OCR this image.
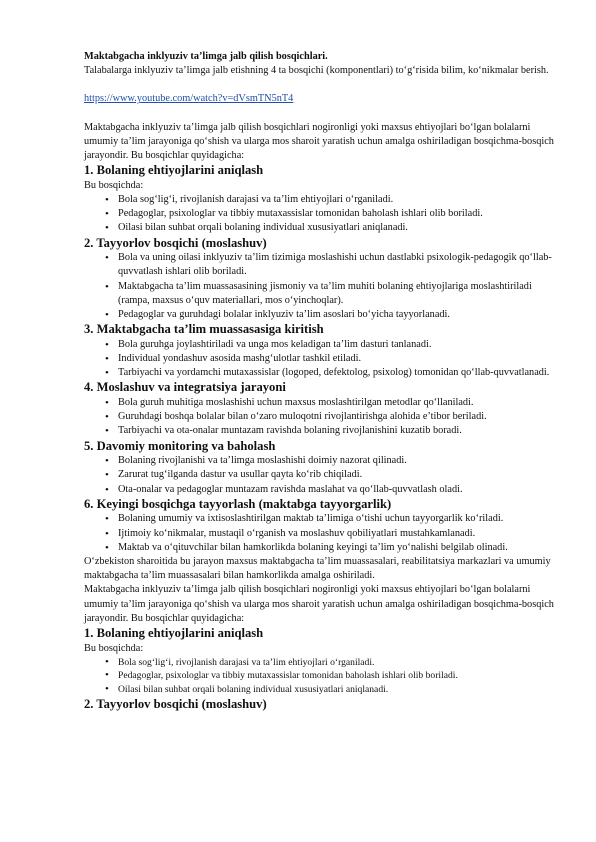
Maktabgacha inklyuziv ta’limga jalb qilish bosqichlari.

Talabalarga inklyuziv ta’limga jalb etishning 4 ta bosqichi (komponentlari) to‘g‘risida bilim, ko‘nikmalar berish.

https://www.youtube.com/watch?v=dVsmTN5nT4

Maktabgacha inklyuziv ta’limga jalb qilish bosqichlari nogironligi yoki maxsus ehtiyojlari bo‘lgan bolalarni umumiy ta’lim jarayoniga qo‘shish va ularga mos sharoit yaratish uchun amalga oshiriladigan bosqichma-bosqich jarayondir. Bu bosqichlar quyidagicha:

1. Bolaning ehtiyojlarini aniqlash

Bu bosqichda:

• Bola sog‘lig‘i, rivojlanish darajasi va ta’lim ehtiyojlari o‘rganiladi.
• Pedagoglar, psixologlar va tibbiy mutaxassislar tomonidan baholash ishlari olib boriladi.
• Oilasi bilan suhbat orqali bolaning individual xususiyatlari aniqlanadi.
2. Tayyorlov bosqichi (moslashuv)
• Bola va uning oilasi inklyuziv ta’lim tizimiga moslashishi uchun dastlabki psixologik-pedagogik qo‘llab-quvvatlash ishlari olib boriladi.
• Maktabgacha ta’lim muassasasining jismoniy va ta’lim muhiti bolaning ehtiyojlariga moslashtiriladi (rampa, maxsus o‘quv materiallari, mos o‘yinchoqlar).
• Pedagoglar va guruhdagi bolalar inklyuziv ta’lim asoslari bo‘yicha tayyorlanadi.
3. Maktabgacha ta’lim muassasasiga kiritish
• Bola guruhga joylashtiriladi va unga mos keladigan ta’lim dasturi tanlanadi.
• Individual yondashuv asosida mashg‘ulotlar tashkil etiladi.
• Tarbiyachi va yordamchi mutaxassislar (logoped, defektolog, psixolog) tomonidan qo‘llab-quvvatlanadi.
4. Moslashuv va integratsiya jarayoni
• Bola guruh muhitiga moslashishi uchun maxsus moslashtirilgan metodlar qo‘llaniladi.
• Guruhdagi boshqa bolalar bilan o‘zaro muloqotni rivojlantirishga alohida e’tibor beriladi.
• Tarbiyachi va ota-onalar muntazam ravishda bolaning rivojlanishini kuzatib boradi.
5. Davomiy monitoring va baholash
• Bolaning rivojlanishi va ta’limga moslashishi doimiy nazorat qilinadi.
• Zarurat tug‘ilganda dastur va usullar qayta ko‘rib chiqiladi.
• Ota-onalar va pedagoglar muntazam ravishda maslahat va qo‘llab-quvvatlash oladi.
6. Keyingi bosqichga tayyorlash (maktabga tayyorgarlik)
• Bolaning umumiy va ixtisoslashtirilgan maktab ta’limiga o‘tishi uchun tayyorgarlik ko‘riladi.
• Ijtimoiy ko‘nikmalar, mustaqil o‘rganish va moslashuv qobiliyatlari mustahkamlanadi.
• Maktab va o‘qituvchilar bilan hamkorlikda bolaning keyingi ta’lim yo‘nalishi belgilab olinadi.

O‘zbekiston sharoitida bu jarayon maxsus maktabgacha ta’lim muassasalari, reabilitatsiya markazlari va umumiy maktabgacha ta’lim muassasalari bilan hamkorlikda amalga oshiriladi.

Maktabgacha inklyuziv ta’limga jalb qilish bosqichlari nogironligi yoki maxsus ehtiyojlari bo‘lgan bolalarni umumiy ta’lim jarayoniga qo‘shish va ularga mos sharoit yaratish uchun amalga oshiriladigan bosqichma-bosqich jarayondir. Bu bosqichlar quyidagicha:

1. Bolaning ehtiyojlarini aniqlash

Bu bosqichda:

• Bola sog‘lig‘i, rivojlanish darajasi va ta’lim ehtiyojlari o‘rganiladi.
• Pedagoglar, psixologlar va tibbiy mutaxassislar tomonidan baholash ishlari olib boriladi.
• Oilasi bilan suhbat orqali bolaning individual xususiyatlari aniqlanadi.
2. Tayyorlov bosqichi (moslashuv)
